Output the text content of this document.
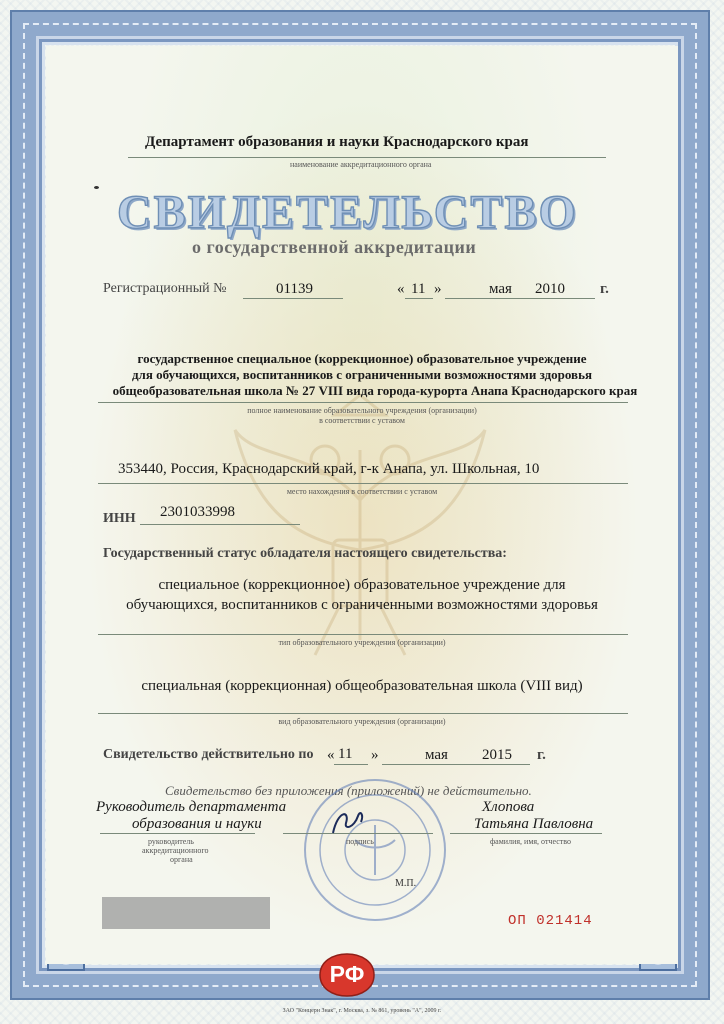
Департамент образования и науки Краснодарского края
наименование аккредитационного органа
СВИДЕТЕЛЬСТВО
о государственной аккредитации
Регистрационный №	01139	« 11 »	мая 2010 г.
государственное специальное (коррекционное) образовательное учреждение
для обучающихся, воспитанников с ограниченными возможностями здоровья
общеобразовательная школа № 27 VIII вида города-курорта Анапа Краснодарского края
полное наименование образовательного учреждения (организации)
в соответствии с уставом
353440, Россия, Краснодарский край, г-к Анапа, ул. Школьная, 10
место нахождения в соответствии с уставом
ИНН 2301033998
Государственный статус обладателя настоящего свидетельства:
специальное (коррекционное) образовательное учреждение для
обучающихся, воспитанников с ограниченными возможностями здоровья
тип образовательного учреждения (организации)
специальная (коррекционная) общеобразовательная школа (VIII вид)
вид образовательного учреждения (организации)
Свидетельство действительно по « 11 »	мая 2015 г.
Свидетельство без приложения (приложений) не действительно.
Руководитель департамента
образования и науки
руководитель
аккредитационного
органа
подпись
Хлопова
Татьяна Павловна
фамилия, имя, отчество
М.П.
ОП 021414
РФ
ЗАО "Концерн Знак", г. Москва, з. № 861, уровень "А", 2009 г.
